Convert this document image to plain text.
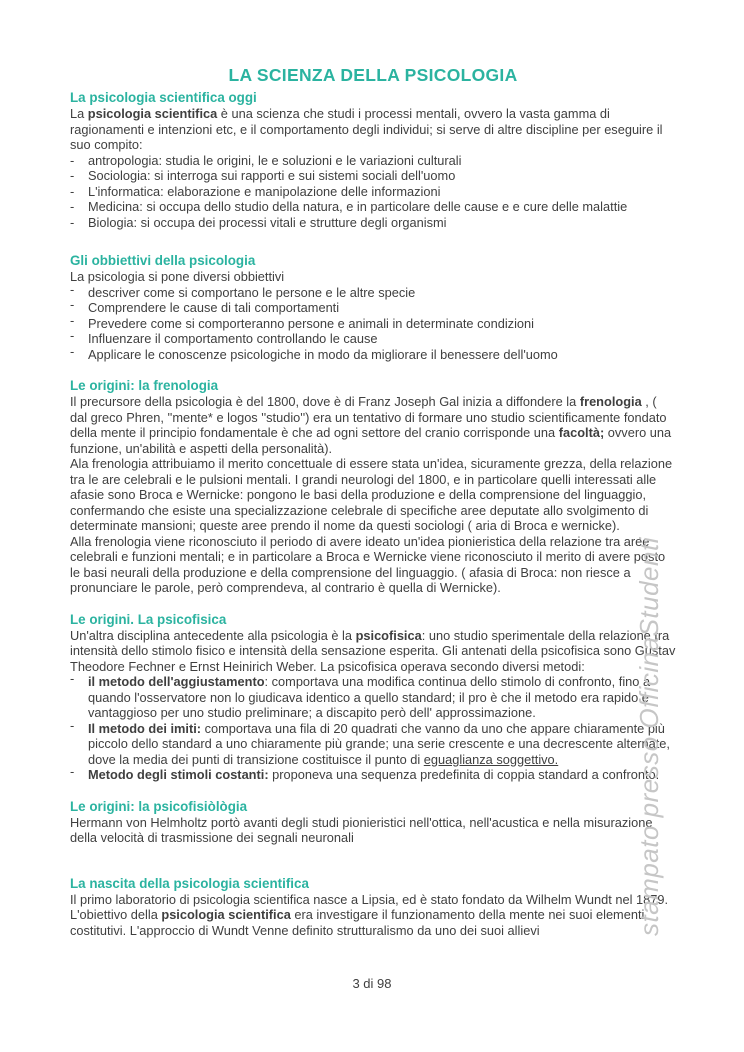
LA SCIENZA DELLA PSICOLOGIA
La psicologia scientifica oggi

La psicologia scientifica è una scienza che studi i processi mentali, ovvero la vasta gamma di ragionamenti e intenzioni etc, e il comportamento degli individui; si serve di altre discipline per eseguire il suo compito:

-	antropologia: studia le origini, le e soluzioni e le variazioni culturali
-	Sociologia: si interroga sui rapporti e sui sistemi sociali dell'uomo
-	L'informatica: elaborazione e manipolazione delle informazioni
-	Medicina: si occupa dello studio della natura, e in particolare delle cause e e cure delle malattie
-	Biologia: si occupa dei processi vitali e strutture degli organismi
Gli obbiettivi della psicologia

La psicologia si pone diversi obbiettivi

-	descriver come si comportano le persone e le altre specie
-	Comprendere le cause di tali comportamenti
-	Prevedere come si comporteranno persone e animali in determinate condizioni
-	Influenzare il comportamento controllando le cause
-	Applicare le conoscenze psicologiche in modo da migliorare il benessere dell'uomo
Le origini: la frenologia

Il precursore della psicologia è del 1800, dove è di Franz Joseph Gal inizia a diffondere la frenologia , ( dal greco Phren, ''mente* e logos ''studio'') era un tentativo di formare uno studio scientificamente fondato della mente il principio fondamentale è che ad ogni settore del cranio corrisponde una facoltà; ovvero una funzione, un'abilità e aspetti della personalità).

Ala frenologia attribuiamo il merito concettuale di essere stata un'idea, sicuramente grezza, della relazione tra le are celebrali e le pulsioni mentali. I grandi neurologi del 1800, e in particolare quelli interessati alle afasie sono Broca e Wernicke: pongono le basi della produzione e della comprensione del linguaggio, confermando che esiste una specializzazione celebrale di specifiche aree deputate allo svolgimento di determinate mansioni; queste aree prendo il nome da questi sociologi ( aria di Broca e wernicke).

Alla frenologia viene riconosciuto il periodo di avere ideato un'idea pionieristica della relazione tra aree celebrali e funzioni mentali; e in particolare a Broca e Wernicke viene riconosciuto il merito di avere posto le basi neurali della produzione e della comprensione del linguaggio. ( afasia di Broca: non riesce a pronunciare le parole, però comprendeva, al contrario è quella di Wernicke).

Le origini. La psicofisica

Un'altra disciplina antecedente alla psicologia è la psicofisica: uno studio sperimentale della relazione tra intensità dello stimolo fisico e intensità della sensazione esperita. Gli antenati della psicofisica sono Gustav Theodore Fechner e Ernst Heinirich Weber. La psicofisica operava secondo diversi metodi:

-	il metodo dell'aggiustamento: comportava una modifica continua dello stimolo di confronto, fino a quando l'osservatore non lo giudicava identico a quello standard; il pro è che il metodo era rapido e vantaggioso per uno studio preliminare; a discapito però dell' approssimazione.
-	Il metodo dei imiti: comportava una fila di 20 quadrati che vanno da uno che appare chiaramente più piccolo dello standard a uno chiaramente più grande; una serie crescente e una decrescente alternate, dove la media dei punti di transizione costituisce il punto di eguaglianza soggettivo.
-	Metodo degli stimoli costanti: proponeva una sequenza predefinita di coppia standard a confronto.
Le origini: la psicofisiòlògia

Hermann von Helmholtz portò avanti degli studi pionieristici nell'ottica, nell'acustica e nella misurazione della velocità di trasmissione dei segnali neuronali

La nascita della psicologia scientifica

Il primo laboratorio di psicologia scientifica nasce a Lipsia, ed è stato fondato da Wilhelm Wundt nel 1879. L'obiettivo della psicologia scientifica era investigare il funzionamento della mente nei suoi elementi costitutivi. L'approccio di Wundt Venne definito strutturalismo da uno dei suoi allievi	stampato presso OfficinaStudenti
3 di 98
